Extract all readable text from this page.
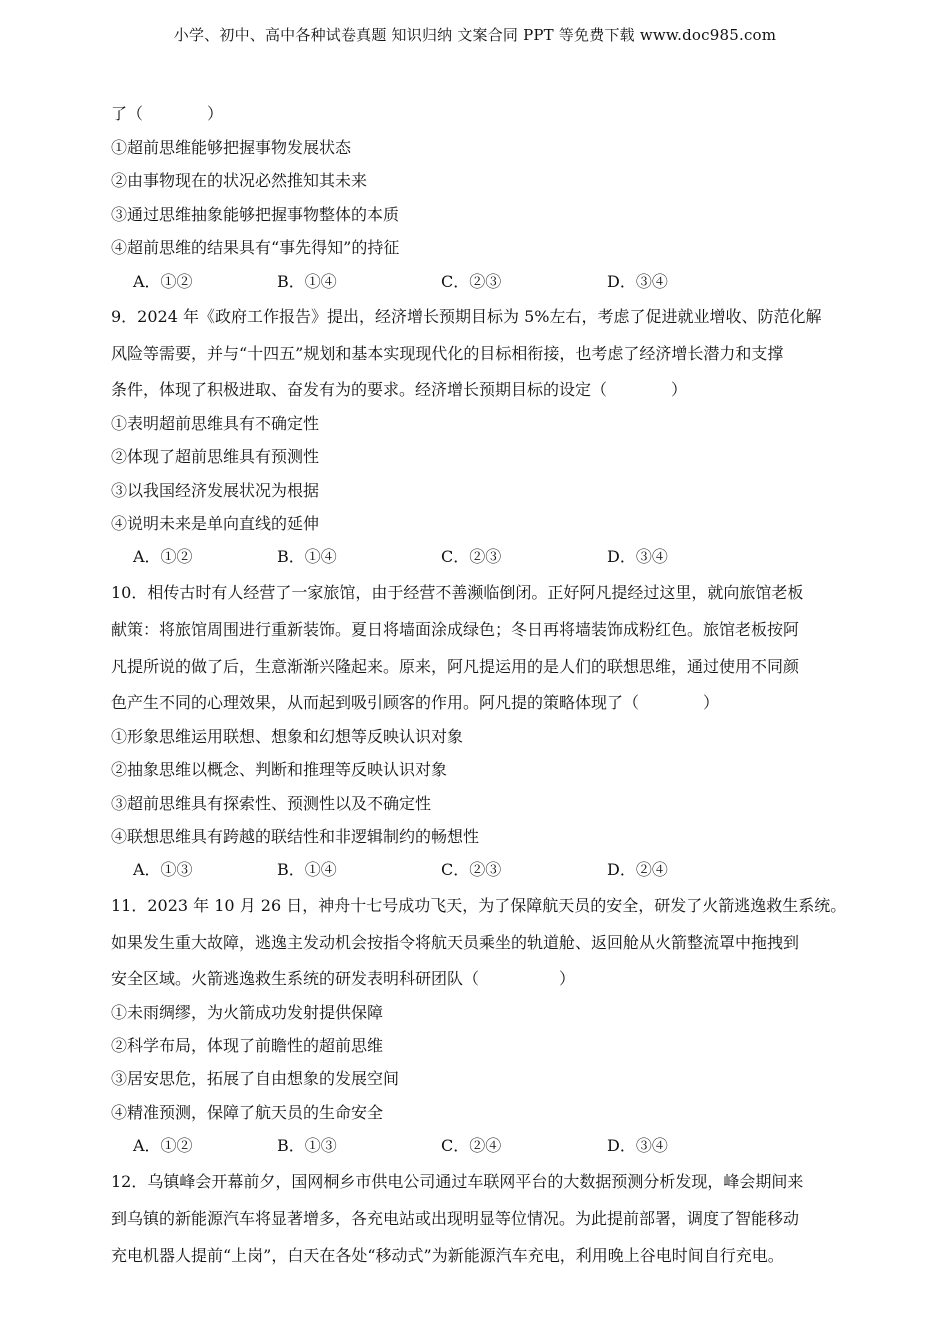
小学、初中、高中各种试卷真题 知识归纳 文案合同 PPT 等免费下载 www.doc985.com
了（　　　　）
①超前思维能够把握事物发展状态
②由事物现在的状况必然推知其未来
③通过思维抽象能够把握事物整体的本质
④超前思维的结果具有“事先得知”的持征
A．①②	B．①④	C．②③	D．③④
9．2024 年《政府工作报告》提出，经济增长预期目标为 5%左右，考虑了促进就业增收、防范化解
风险等需要，并与“十四五”规划和基本实现现代化的目标相衔接，也考虑了经济增长潜力和支撑
条件，体现了积极进取、奋发有为的要求。经济增长预期目标的设定（　　　　）
①表明超前思维具有不确定性
②体现了超前思维具有预测性
③以我国经济发展状况为根据
④说明未来是单向直线的延伸
A．①②	B．①④	C．②③	D．③④
10．相传古时有人经营了一家旅馆，由于经营不善濒临倒闭。正好阿凡提经过这里，就向旅馆老板
献策：将旅馆周围进行重新装饰。夏日将墙面涂成绿色；冬日再将墙装饰成粉红色。旅馆老板按阿
凡提所说的做了后，生意渐渐兴隆起来。原来，阿凡提运用的是人们的联想思维，通过使用不同颜
色产生不同的心理效果，从而起到吸引顾客的作用。阿凡提的策略体现了（　　　　）
①形象思维运用联想、想象和幻想等反映认识对象
②抽象思维以概念、判断和推理等反映认识对象
③超前思维具有探索性、预测性以及不确定性
④联想思维具有跨越的联结性和非逻辑制约的畅想性
A．①③	B．①④	C．②③	D．②④
11．2023 年 10 月 26 日，神舟十七号成功飞天，为了保障航天员的安全，研发了火箭逃逸救生系统。
如果发生重大故障，逃逸主发动机会按指令将航天员乘坐的轨道舱、返回舱从火箭整流罩中拖拽到
安全区域。火箭逃逸救生系统的研发表明科研团队（　　　　　）
①未雨绸缪，为火箭成功发射提供保障
②科学布局，体现了前瞻性的超前思维
③居安思危，拓展了自由想象的发展空间
④精准预测，保障了航天员的生命安全
A．①②	B．①③	C．②④	D．③④
12．乌镇峰会开幕前夕，国网桐乡市供电公司通过车联网平台的大数据预测分析发现，峰会期间来
到乌镇的新能源汽车将显著增多，各充电站或出现明显等位情况。为此提前部署，调度了智能移动
充电机器人提前“上岗”，白天在各处“移动式”为新能源汽车充电，利用晚上谷电时间自行充电。
